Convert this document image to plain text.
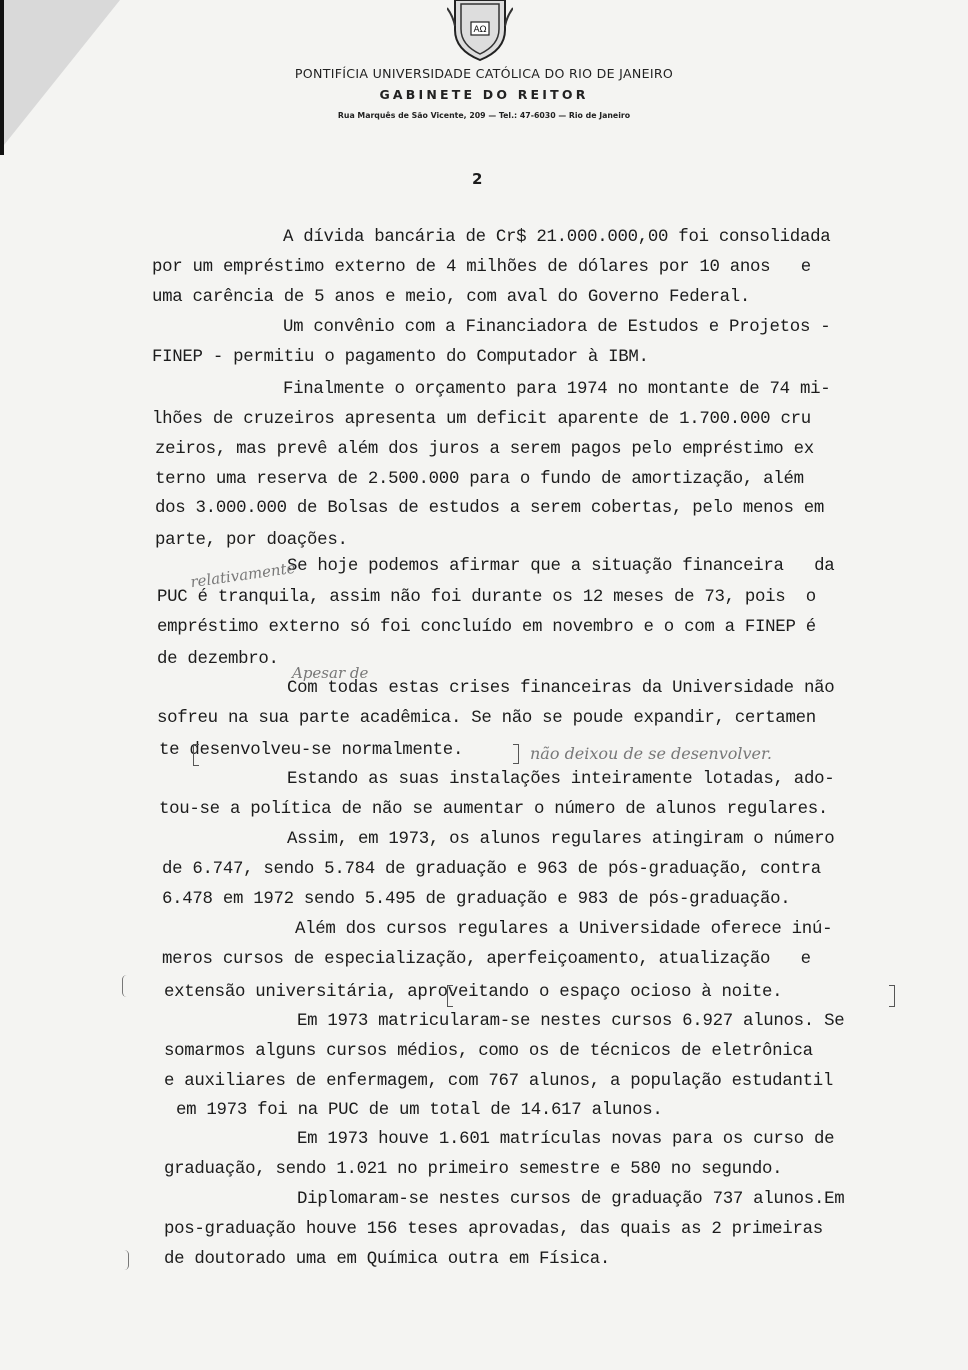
AΩ
PONTIFÍCIA UNIVERSIDADE CATÓLICA DO RIO DE JANEIRO
GABINETE DO REITOR
Rua Marquês de São Vicente, 209 — Tel.: 47-6030 — Rio de Janeiro
2
A dívida bancária de Cr$ 21.000.000,00 foi consolidada
por um empréstimo externo de 4 milhões de dólares por 10 anos   e
uma carência de 5 anos e meio, com aval do Governo Federal.
Um convênio com a Financiadora de Estudos e Projetos -
FINEP - permitiu o pagamento do Computador à IBM.
Finalmente o orçamento para 1974 no montante de 74 mi-
lhões de cruzeiros apresenta um deficit aparente de 1.700.000 cru
zeiros, mas prevê além dos juros a serem pagos pelo empréstimo ex
terno uma reserva de 2.500.000 para o fundo de amortização, além
dos 3.000.000 de Bolsas de estudos a serem cobertas, pelo menos em
parte, por doações.
Se hoje podemos afirmar que a situação financeira   da
PUC é tranquila, assim não foi durante os 12 meses de 73, pois  o
empréstimo externo só foi concluído em novembro e o com a FINEP é
de dezembro.
Com todas estas crises financeiras da Universidade não
sofreu na sua parte acadêmica. Se não se poude expandir, certamen
te desenvolveu-se normalmente.
Estando as suas instalações inteiramente lotadas, ado-
tou-se a política de não se aumentar o número de alunos regulares.
Assim, em 1973, os alunos regulares atingiram o número
de 6.747, sendo 5.784 de graduação e 963 de pós-graduação, contra
6.478 em 1972 sendo 5.495 de graduação e 983 de pós-graduação.
Além dos cursos regulares a Universidade oferece inú-
meros cursos de especialização, aperfeiçoamento, atualização   e
extensão universitária, aproveitando o espaço ocioso à noite.
Em 1973 matricularam-se nestes cursos 6.927 alunos. Se
somarmos alguns cursos médios, como os de técnicos de eletrônica
e auxiliares de enfermagem, com 767 alunos, a população estudantil
em 1973 foi na PUC de um total de 14.617 alunos.
Em 1973 houve 1.601 matrículas novas para os curso de
graduação, sendo 1.021 no primeiro semestre e 580 no segundo.
Diplomaram-se nestes cursos de graduação 737 alunos.Em
pos-graduação houve 156 teses aprovadas, das quais as 2 primeiras
de doutorado uma em Química outra em Física.
relativamente
Apesar de
não deixou de se desenvolver.
